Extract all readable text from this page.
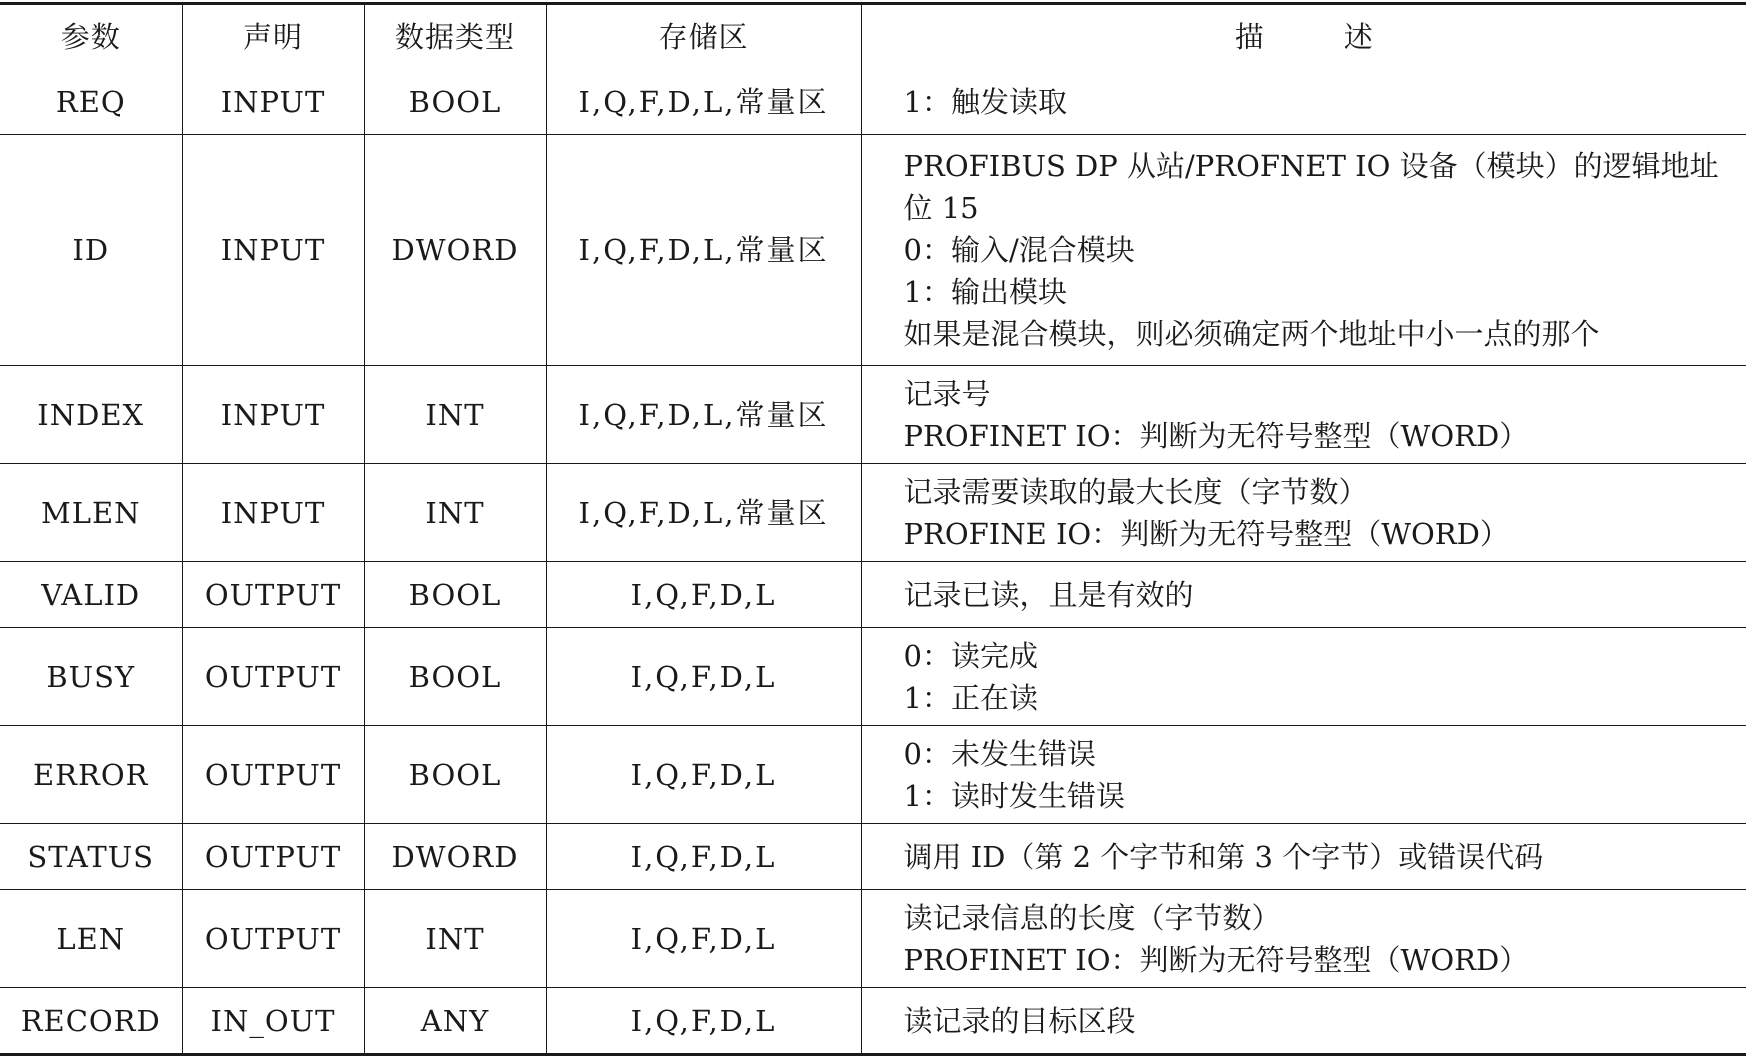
参数	声明	数据类型	存储区	描 述
REQ	INPUT	BOOL	I,Q,F,D,L,常量区	1：触发读取

ID	INPUT	DWORD	I,Q,F,D,L,常量区	PROFIBUS DP 从站/PROFNET IO 设备（模块）的逻辑地址
位 15
0：输入/混合模块
1：输出模块
如果是混合模块，则必须确定两个地址中小一点的那个

INDEX	INPUT	INT	I,Q,F,D,L,常量区	记录号
PROFINET IO：判断为无符号整型（WORD）

MLEN	INPUT	INT	I,Q,F,D,L,常量区	记录需要读取的最大长度（字节数）
PROFINE IO：判断为无符号整型（WORD）

VALID	OUTPUT	BOOL	I,Q,F,D,L	记录已读，且是有效的

BUSY	OUTPUT	BOOL	I,Q,F,D,L	0：读完成
1：正在读

ERROR	OUTPUT	BOOL	I,Q,F,D,L	0：未发生错误
1：读时发生错误

STATUS	OUTPUT	DWORD	I,Q,F,D,L	调用 ID（第 2 个字节和第 3 个字节）或错误代码

LEN	OUTPUT	INT	I,Q,F,D,L	读记录信息的长度（字节数）
PROFINET IO：判断为无符号整型（WORD）

RECORD	IN_OUT	ANY	I,Q,F,D,L	读记录的目标区段
